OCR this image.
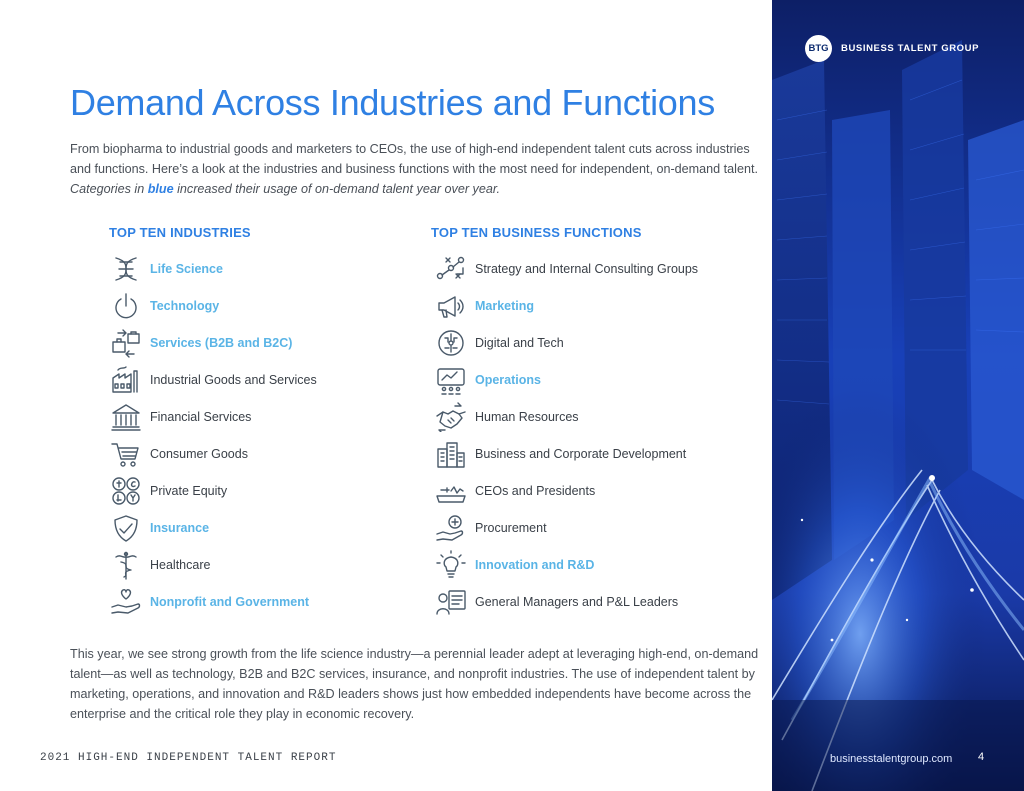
BTG	BUSINESS TALENT GROUP
Demand Across Industries and Functions

From biopharma to industrial goods and marketers to CEOs, the use of high-end independent talent cuts across industries and functions. Here’s a look at the industries and business functions with the most need for independent, on-demand talent. Categories in blue increased their usage of on-demand talent year over year.

TOP TEN INDUSTRIES	TOP TEN BUSINESS FUNCTIONS
Life Science
Technology
Services (B2B and B2C)
Industrial Goods and Services
Financial Services
Consumer Goods
Private Equity
Insurance
Healthcare
Nonprofit and Government
Strategy and Internal Consulting Groups
Marketing
Digital and Tech
Operations
Human Resources
Business and Corporate Development
CEOs and Presidents
Procurement
Innovation and R&D
General Managers and P&L Leaders

This year, we see strong growth from the life science industry—a perennial leader adept at leveraging high-end, on-demand talent—as well as technology, B2B and B2C services, insurance, and nonprofit industries. The use of independent talent by marketing, operations, and innovation and R&D leaders shows just how embedded independents have become across the enterprise and the critical role they play in economic recovery.

2021 HIGH-END INDEPENDENT TALENT REPORT	businesstalentgroup.com 4
